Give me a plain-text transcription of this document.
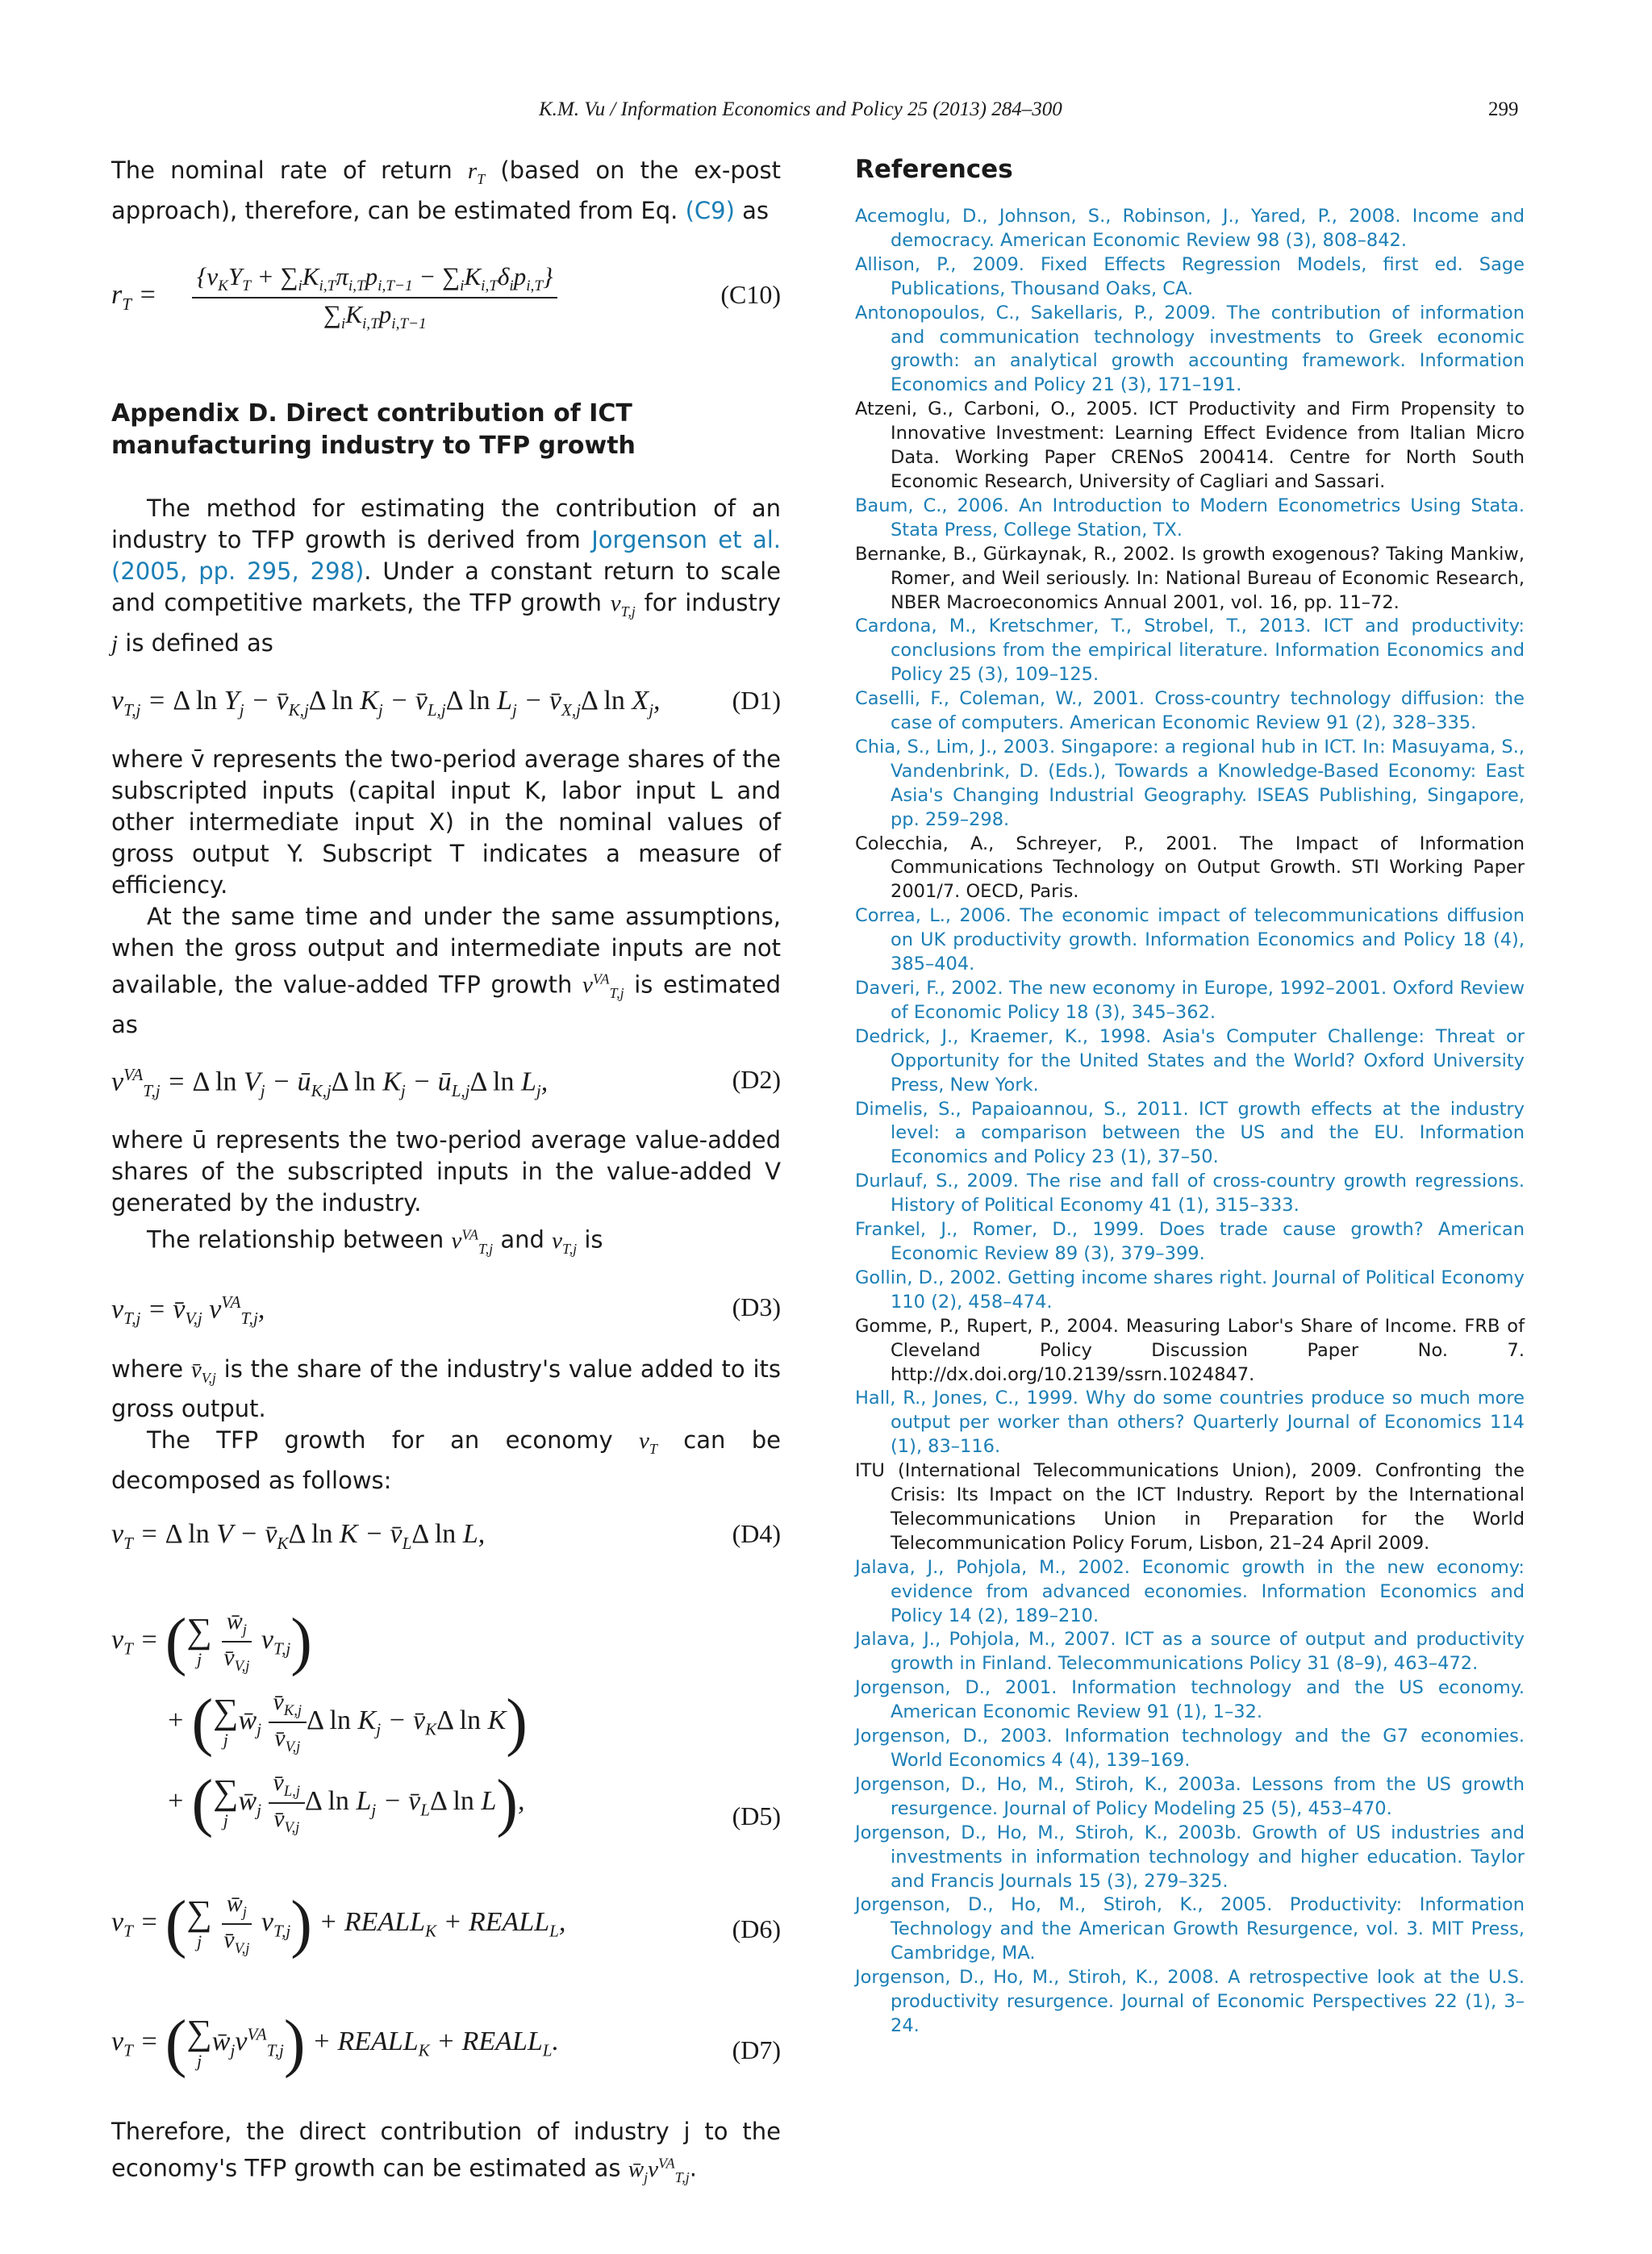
K.M. Vu / Information Economics and Policy 25 (2013) 284–300	299

The nominal rate of return $r_T$ (based on the ex-post approach), therefore, can be estimated from Eq. (C9) as

$r_T$ =
$\{v_KY_T + \sum_iK_{i,T}\pi_{i,T}p_{i,T-1} - \sum_iK_{i,T}\delta_ip_{i,T}\}$
$\sum_iK_{i,T}p_{i,T-1}$
(C10)
Appendix D. Direct contribution of ICT manufacturing industry to TFP growth

The method for estimating the contribution of an industry to TFP growth is derived from Jorgenson et al. (2005, pp. 295, 298). Under a constant return to scale and competitive markets, the TFP growth $v_{T,j}$ for industry j is defined as

$v_{T,j} = \Delta$ $\ln Y_j$ − $v̄_{K,j}\Delta$ $\ln K_j$ − $v̄_{L,j}\Delta$ $\ln L_j$ − $v̄_{X,j}\Delta$ $\ln X_j$,	(D1)

where v̄ represents the two-period average shares of the subscripted inputs (capital input K, labor input L and other intermediate input X) in the nominal values of gross output Y. Subscript T indicates a measure of efficiency.

At the same time and under the same assumptions, when the gross output and intermediate inputs are not available, the value-added TFP growth $v^{VA}_{T,j}$ is estimated as

$v^{VA}_{T,j} = \Delta$ $\ln V_j$ − $ū_{K,j}\Delta$ $\ln K_j$ − $ū_{L,j}\Delta$ $\ln L_j$,	(D2)

where ū represents the two-period average value-added shares of the subscripted inputs in the value-added V generated by the industry.

The relationship between $v^{VA}_{T,j}$ and $v_{T,j}$ is

$v_{T,j}$ = $v̄_{V,j}$ $v^{VA}_{T,j}$,	(D3)

where $v̄_{V,j}$ is the share of the industry's value added to its gross output.

The TFP growth for an economy $v_T$ can be decomposed as follows:

$v_T = \Delta$ $\ln V - v̄_K\Delta$ $\ln K - v̄_L\Delta$ ln L,	(D4)
$v_T$ = ( ∑
j
$\frac{w̄_j}{v̄_{V,j}} v_{T,j}$)
+ ( ∑
j
$w̄_j \frac{v̄_{K,j}}{v̄_{V,j}}$ Δ $\ln K_j$ − $v̄_K\Delta$ ln K)
+ ( ∑
j
$w̄_j \frac{v̄_{L,j}}{v̄_{V,j}}$ Δ $\ln L_j$ − $v̄_L\Delta$ ln L),
(D5)
$v_T$ = ( ∑
j
$\frac{w̄_j}{v̄_{V,j}} v_{T,j}$) + $REALL_K$ + $REALL_L$,	(D6)
$v_T$ = ( ∑
j
$w̄_jv^{VA}_{T,j}$) + $REALL_K$ + $REALL_L$.	(D7)

Therefore, the direct contribution of industry j to the economy's TFP growth can be estimated as $w̄_jv^{VA}_{T,j}$.

References

Acemoglu, D., Johnson, S., Robinson, J., Yared, P., 2008. Income and democracy. American Economic Review 98 (3), 808–842.

Allison, P., 2009. Fixed Effects Regression Models, first ed. Sage Publications, Thousand Oaks, CA.

Antonopoulos, C., Sakellaris, P., 2009. The contribution of information and communication technology investments to Greek economic growth: an analytical growth accounting framework. Information Economics and Policy 21 (3), 171–191.

Atzeni, G., Carboni, O., 2005. ICT Productivity and Firm Propensity to Innovative Investment: Learning Effect Evidence from Italian Micro Data. Working Paper CRENoS 200414. Centre for North South Economic Research, University of Cagliari and Sassari.

Baum, C., 2006. An Introduction to Modern Econometrics Using Stata. Stata Press, College Station, TX.

Bernanke, B., Gürkaynak, R., 2002. Is growth exogenous? Taking Mankiw, Romer, and Weil seriously. In: National Bureau of Economic Research, NBER Macroeconomics Annual 2001, vol. 16, pp. 11–72.

Cardona, M., Kretschmer, T., Strobel, T., 2013. ICT and productivity: conclusions from the empirical literature. Information Economics and Policy 25 (3), 109–125.

Caselli, F., Coleman, W., 2001. Cross-country technology diffusion: the case of computers. American Economic Review 91 (2), 328–335.

Chia, S., Lim, J., 2003. Singapore: a regional hub in ICT. In: Masuyama, S., Vandenbrink, D. (Eds.), Towards a Knowledge-Based Economy: East Asia's Changing Industrial Geography. ISEAS Publishing, Singapore, pp. 259–298.

Colecchia, A., Schreyer, P., 2001. The Impact of Information Communications Technology on Output Growth. STI Working Paper 2001/7. OECD, Paris.

Correa, L., 2006. The economic impact of telecommunications diffusion on UK productivity growth. Information Economics and Policy 18 (4), 385–404.

Daveri, F., 2002. The new economy in Europe, 1992–2001. Oxford Review of Economic Policy 18 (3), 345–362.

Dedrick, J., Kraemer, K., 1998. Asia's Computer Challenge: Threat or Opportunity for the United States and the World? Oxford University Press, New York.

Dimelis, S., Papaioannou, S., 2011. ICT growth effects at the industry level: a comparison between the US and the EU. Information Economics and Policy 23 (1), 37–50.

Durlauf, S., 2009. The rise and fall of cross-country growth regressions. History of Political Economy 41 (1), 315–333.

Frankel, J., Romer, D., 1999. Does trade cause growth? American Economic Review 89 (3), 379–399.

Gollin, D., 2002. Getting income shares right. Journal of Political Economy 110 (2), 458–474.

Gomme, P., Rupert, P., 2004. Measuring Labor's Share of Income. FRB of Cleveland Policy Discussion Paper No. 7. http://dx.doi.org/10.2139/ssrn.1024847.

Hall, R., Jones, C., 1999. Why do some countries produce so much more output per worker than others? Quarterly Journal of Economics 114 (1), 83–116.

ITU (International Telecommunications Union), 2009. Confronting the Crisis: Its Impact on the ICT Industry. Report by the International Telecommunications Union in Preparation for the World Telecommunication Policy Forum, Lisbon, 21–24 April 2009.

Jalava, J., Pohjola, M., 2002. Economic growth in the new economy: evidence from advanced economies. Information Economics and Policy 14 (2), 189–210.

Jalava, J., Pohjola, M., 2007. ICT as a source of output and productivity growth in Finland. Telecommunications Policy 31 (8–9), 463–472.

Jorgenson, D., 2001. Information technology and the US economy. American Economic Review 91 (1), 1–32.

Jorgenson, D., 2003. Information technology and the G7 economies. World Economics 4 (4), 139–169.

Jorgenson, D., Ho, M., Stiroh, K., 2003a. Lessons from the US growth resurgence. Journal of Policy Modeling 25 (5), 453–470.

Jorgenson, D., Ho, M., Stiroh, K., 2003b. Growth of US industries and investments in information technology and higher education. Taylor and Francis Journals 15 (3), 279–325.

Jorgenson, D., Ho, M., Stiroh, K., 2005. Productivity: Information Technology and the American Growth Resurgence, vol. 3. MIT Press, Cambridge, MA.

Jorgenson, D., Ho, M., Stiroh, K., 2008. A retrospective look at the U.S. productivity resurgence. Journal of Economic Perspectives 22 (1), 3–24.
